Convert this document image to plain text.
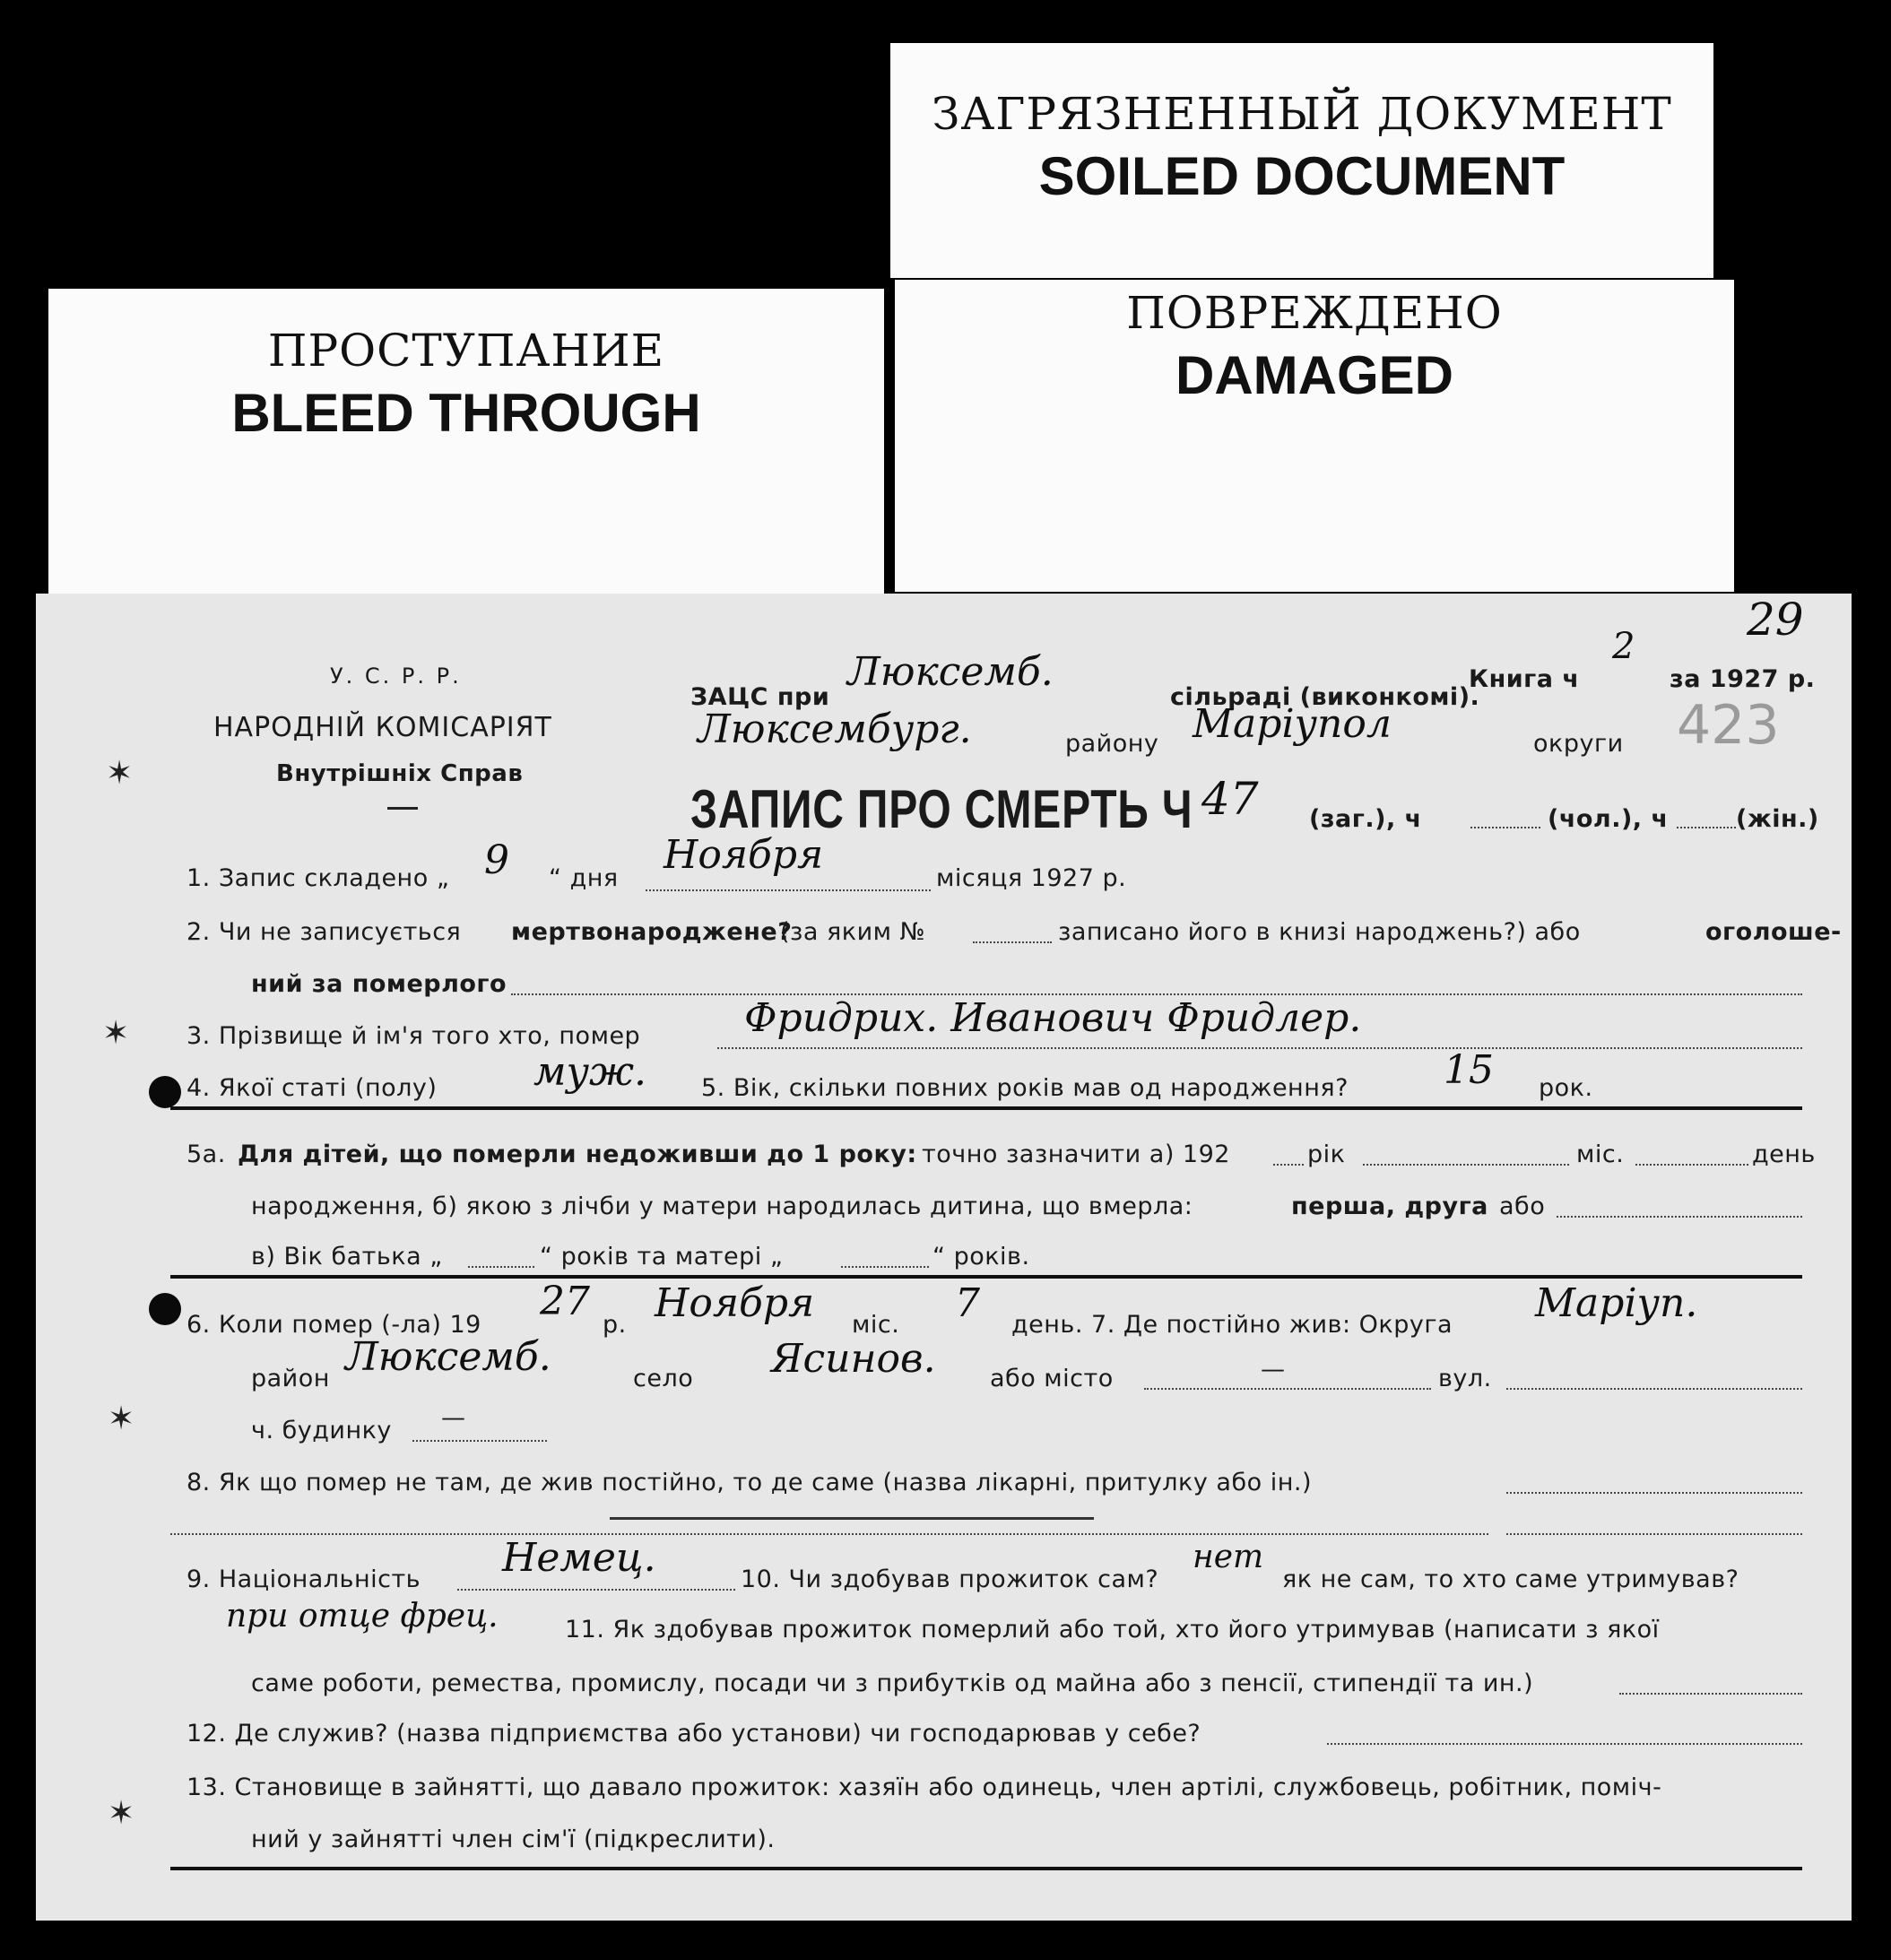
ЗАГРЯЗНЕННЫЙ ДОКУМЕНТ
SOILED DOCUMENT
ПРОСТУПАНИЕ
BLEED THROUGH
ПОВРЕЖДЕНО
DAMAGED
✶
✶
✶
✶
У. С. Р. Р.
НАРОДНІЙ КОМІСАРІЯТ
Внутрішніх Справ
ЗАЦС при
Люксемб.
сільраді (виконкомі).
Книга ч
2
за 1927 р.
29
423
Люксембург.	району Маріупол	округи
ЗАПИС ПРО СМЕРТЬ Ч 47 (заг.), ч	(чол.), ч	(жін.)
1. Запис складено „ 9 “ дня
Ноября
місяця 1927 р.
2. Чи не записується мертвонароджене?
(за яким №	записано його в книзі народжень?) або	оголоше-
ний за померлого
3. Прізвище й ім'я того хто, помер	Фридрих. Иванович Фридлер.
4. Якої статі (полу) муж. 5. Вік, скільки повних років мав од народження? 15 рок.
5а. Для дітей, що померли недоживши до 1 року: точно зазначити а) 192	рік	міс.	день
народження, б) якою з лічби у матери народилась дитина, що вмерла:	перша, друга або
в) Вік батька „	“ років та матері „	“ років.
6. Коли помер (-ла) 19
27
р. Ноября міс. 7 день. 7. Де постійно жив: Округа Маріуп.
район Люксемб.	село Ясинов. або місто	—	вул.
ч. будинку —
8. Як що помер не там, де жив постійно, то де саме (назва лікарні, притулку або ін.)
9. Національність Немец.	10. Чи здобував прожиток сам?
нет
як не сам, то хто саме утримував?
при отце фрец.	11. Як здобував прожиток померлий або той, хто його утримував (написати з якої
саме роботи, ремества, промислу, посади чи з прибутків од майна або з пенсії, стипендії та ин.)
12. Де служив? (назва підприємства або установи) чи господарював у себе?
13. Становище в зайнятті, що давало прожиток: хазяїн або одинець, член артілі, службовець, робітник, поміч-
ний у зайнятті член сім'ї (підкреслити).
